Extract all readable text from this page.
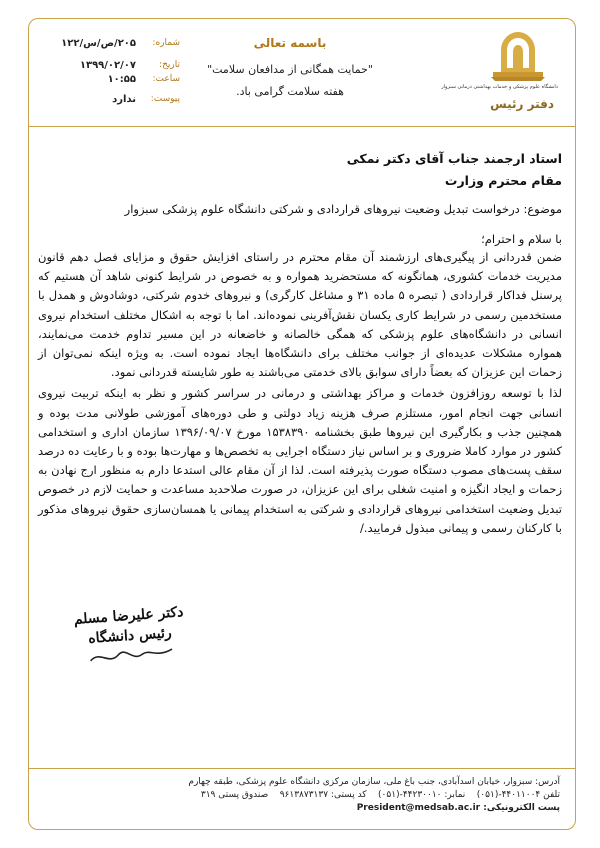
دانشگاه علوم پزشکی و خدمات بهداشتی درمانی سبزوار
دفتر رئیس
باسمه تعالی
"حمایت همگانی از مدافعان سلامت"
هفته سلامت گرامی باد.
شماره:
۲۰۵/ص/س/۱۲۲
تاریخ:
۱۳۹۹/۰۲/۰۷
ساعت:
۱۰:۵۵
پیوست:
ندارد
استاد ارجمند جناب آقای دکتر نمکی
مقام محترم وزارت
موضوع: درخواست تبدیل وضعیت نیروهای قراردادی و شرکتی دانشگاه علوم پزشکی سبزوار
با سلام و احترام؛

ضمن قدردانی از پیگیری‌های ارزشمند آن مقام محترم در راستای افزایش حقوق و مزایای فصل دهم قانون مدیریت خدمات کشوری، همانگونه که مستحضرید همواره و به خصوص در شرایط کنونی شاهد آن هستیم که پرسنل فداکار قراردادی ( تبصره ۵ ماده ۳۱ و مشاغل کارگری) و نیروهای خدوم شرکتی، دوشادوش و همدل با مستخدمین رسمی در شرایط کاری یکسان نقش‌آفرینی نموده‌اند. اما با توجه به اشکال مختلف استخدام نیروی انسانی در دانشگاه‌های علوم پزشکی که همگی خالصانه و خاضعانه در این مسیر تداوم خدمت می‌نمایند، همواره مشکلات عدیده‌ای از جوانب مختلف برای دانشگاه‌ها ایجاد نموده است. به ویژه اینکه نمی‌توان از زحمات این عزیزان که بعضاً دارای سوابق بالای خدمتی می‌باشند به طور شایسته قدردانی نمود.

لذا با توسعه روزافزون خدمات و مراکز بهداشتی و درمانی در سراسر کشور و نظر به اینکه تربیت نیروی انسانی جهت انجام امور، مستلزم صرف هزینه زیاد دولتی و طی دوره‌های آموزشی طولانی مدت بوده و همچنین جذب و بکارگیری این نیروها طبق بخشنامه ۱۵۳۸۳۹۰ مورخ ۱۳۹۶/۰۹/۰۷ سازمان اداری و استخدامی کشور در موارد کاملا ضروری و بر اساس نیاز دستگاه اجرایی به تخصص‌ها و مهارت‌ها بوده و با رعایت ده درصد سقف پست‌های مصوب دستگاه صورت پذیرفته است. لذا از آن مقام عالی استدعا دارم به منظور ارج نهادن به زحمات و ایجاد انگیزه و امنیت شغلی برای این عزیزان، در صورت صلاحدید مساعدت و حمایت لازم در خصوص تبدیل وضعیت استخدامی نیروهای قراردادی و شرکتی به استخدام پیمانی یا همسان‌سازی حقوق نیروهای مذکور با کارکنان رسمی و پیمانی مبذول فرمایید./

دکتر علیرضا مسلم
رئیس دانشگاه
آدرس: سبزوار، خیابان اسدآبادی، جنب باغ ملی، سازمان مرکزی دانشگاه علوم پزشکی، طبقه چهارم
تلفن ۴۴۰۱۱۰۰۴-(۰۵۱)    نمابر: ۴۴۲۳۰۰۱۰-(۰۵۱)    کد پستی: ۹۶۱۳۸۷۳۱۳۷    صندوق پستی ۳۱۹
پست الکترونیکی: President@medsab.ac.ir
